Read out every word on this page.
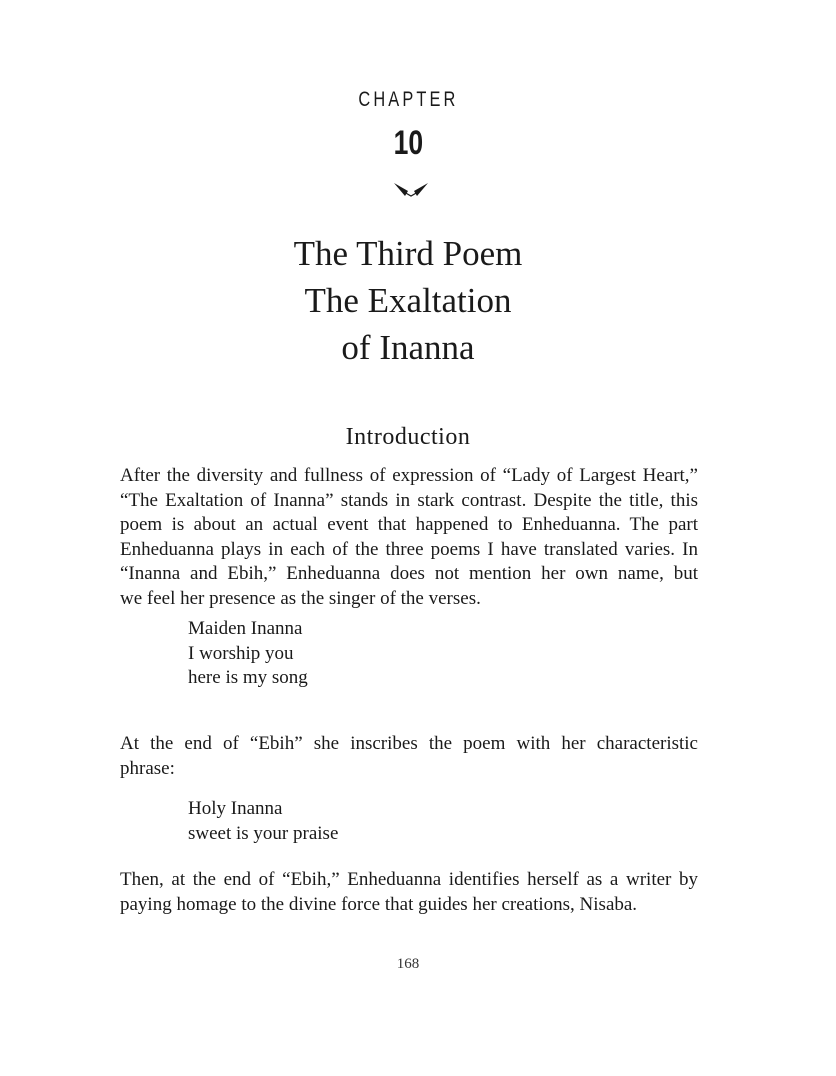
CHAPTER
10
The Third Poem
The Exaltation
of Inanna
Introduction

After the diversity and fullness of expression of “Lady of Largest Heart,”
“The Exaltation of Inanna” stands in stark contrast. Despite the title, this
poem is about an actual event that happened to Enheduanna. The part
Enheduanna plays in each of the three poems I have translated varies. In
“Inanna and Ebih,” Enheduanna does not mention her own name, but
we feel her presence as the singer of the verses.

Maiden Inanna
I worship you
here is my song

At the end of “Ebih” she inscribes the poem with her characteristic
phrase:

Holy Inanna
sweet is your praise

Then, at the end of “Ebih,” Enheduanna identifies herself as a writer by
paying homage to the divine force that guides her creations, Nisaba.

168
